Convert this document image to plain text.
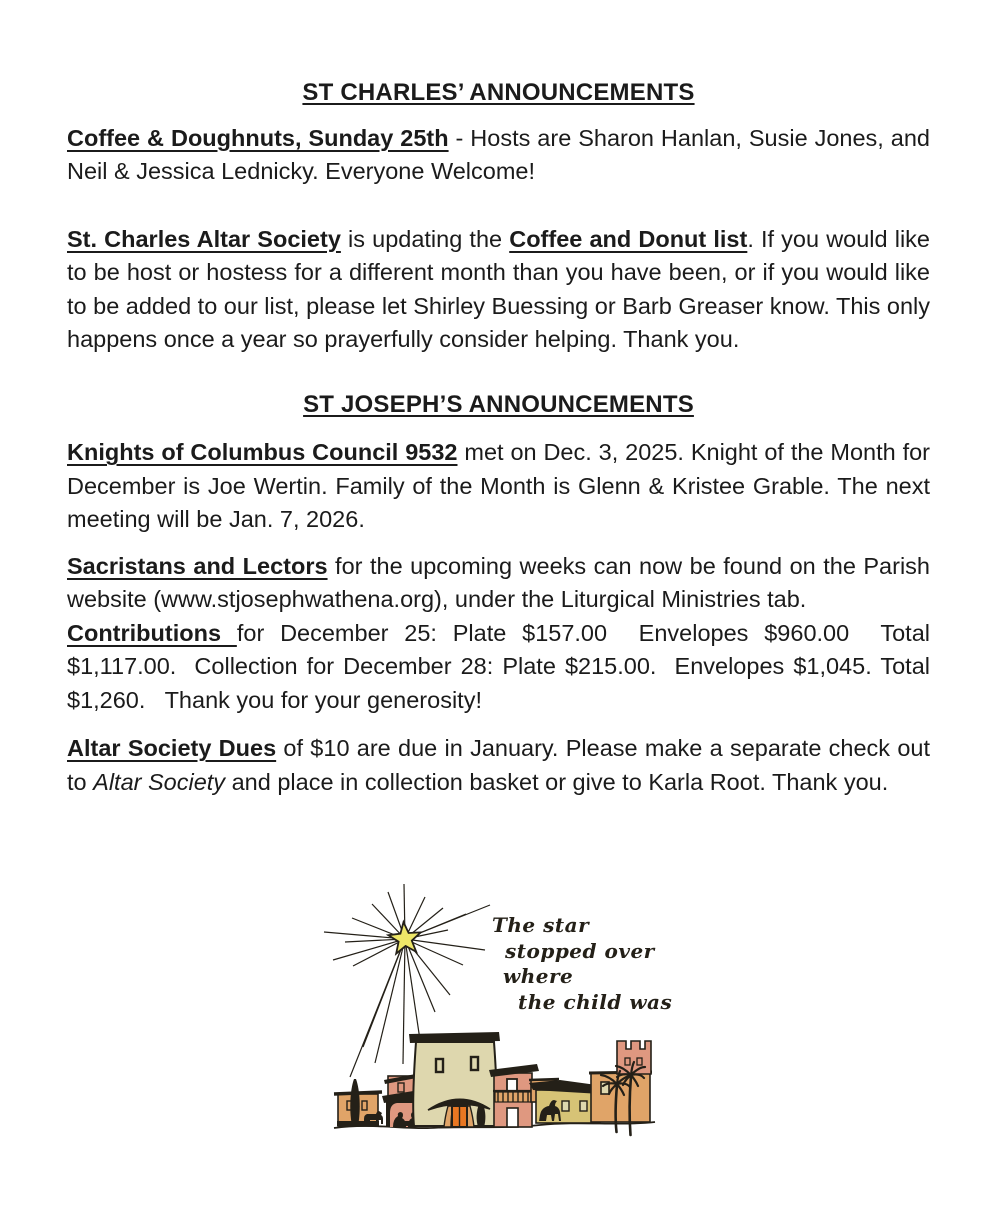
ST CHARLES’ ANNOUNCEMENTS

Coffee & Doughnuts, Sunday 25th - Hosts are Sharon Hanlan, Susie Jones, and Neil & Jessica Lednicky. Everyone Welcome!

St. Charles Altar Society is updating the Coffee and Donut list. If you would like to be host or hostess for a different month than you have been, or if you would like to be added to our list, please let Shirley Buessing or Barb Greaser know. This only happens once a year so prayerfully consider helping. Thank you.

ST JOSEPH’S ANNOUNCEMENTS

Knights of Columbus Council 9532 met on Dec. 3, 2025. Knight of the Month for December is Joe Wertin. Family of the Month is Glenn & Kristee Grable. The next meeting will be Jan. 7, 2026.

Sacristans and Lectors for the upcoming weeks can now be found on the Parish website (www.stjosephwathena.org), under the Liturgical Ministries tab.

Contributions for December 25: Plate $157.00  Envelopes $960.00  Total $1,117.00.  Collection for December 28: Plate $215.00.  Envelopes $1,045. Total $1,260.   Thank you for your generosity!

Altar Society Dues of $10 are due in January. Please make a separate check out to Altar Society and place in collection basket or give to Karla Root. Thank you.

The star
stopped over
where
the child was
